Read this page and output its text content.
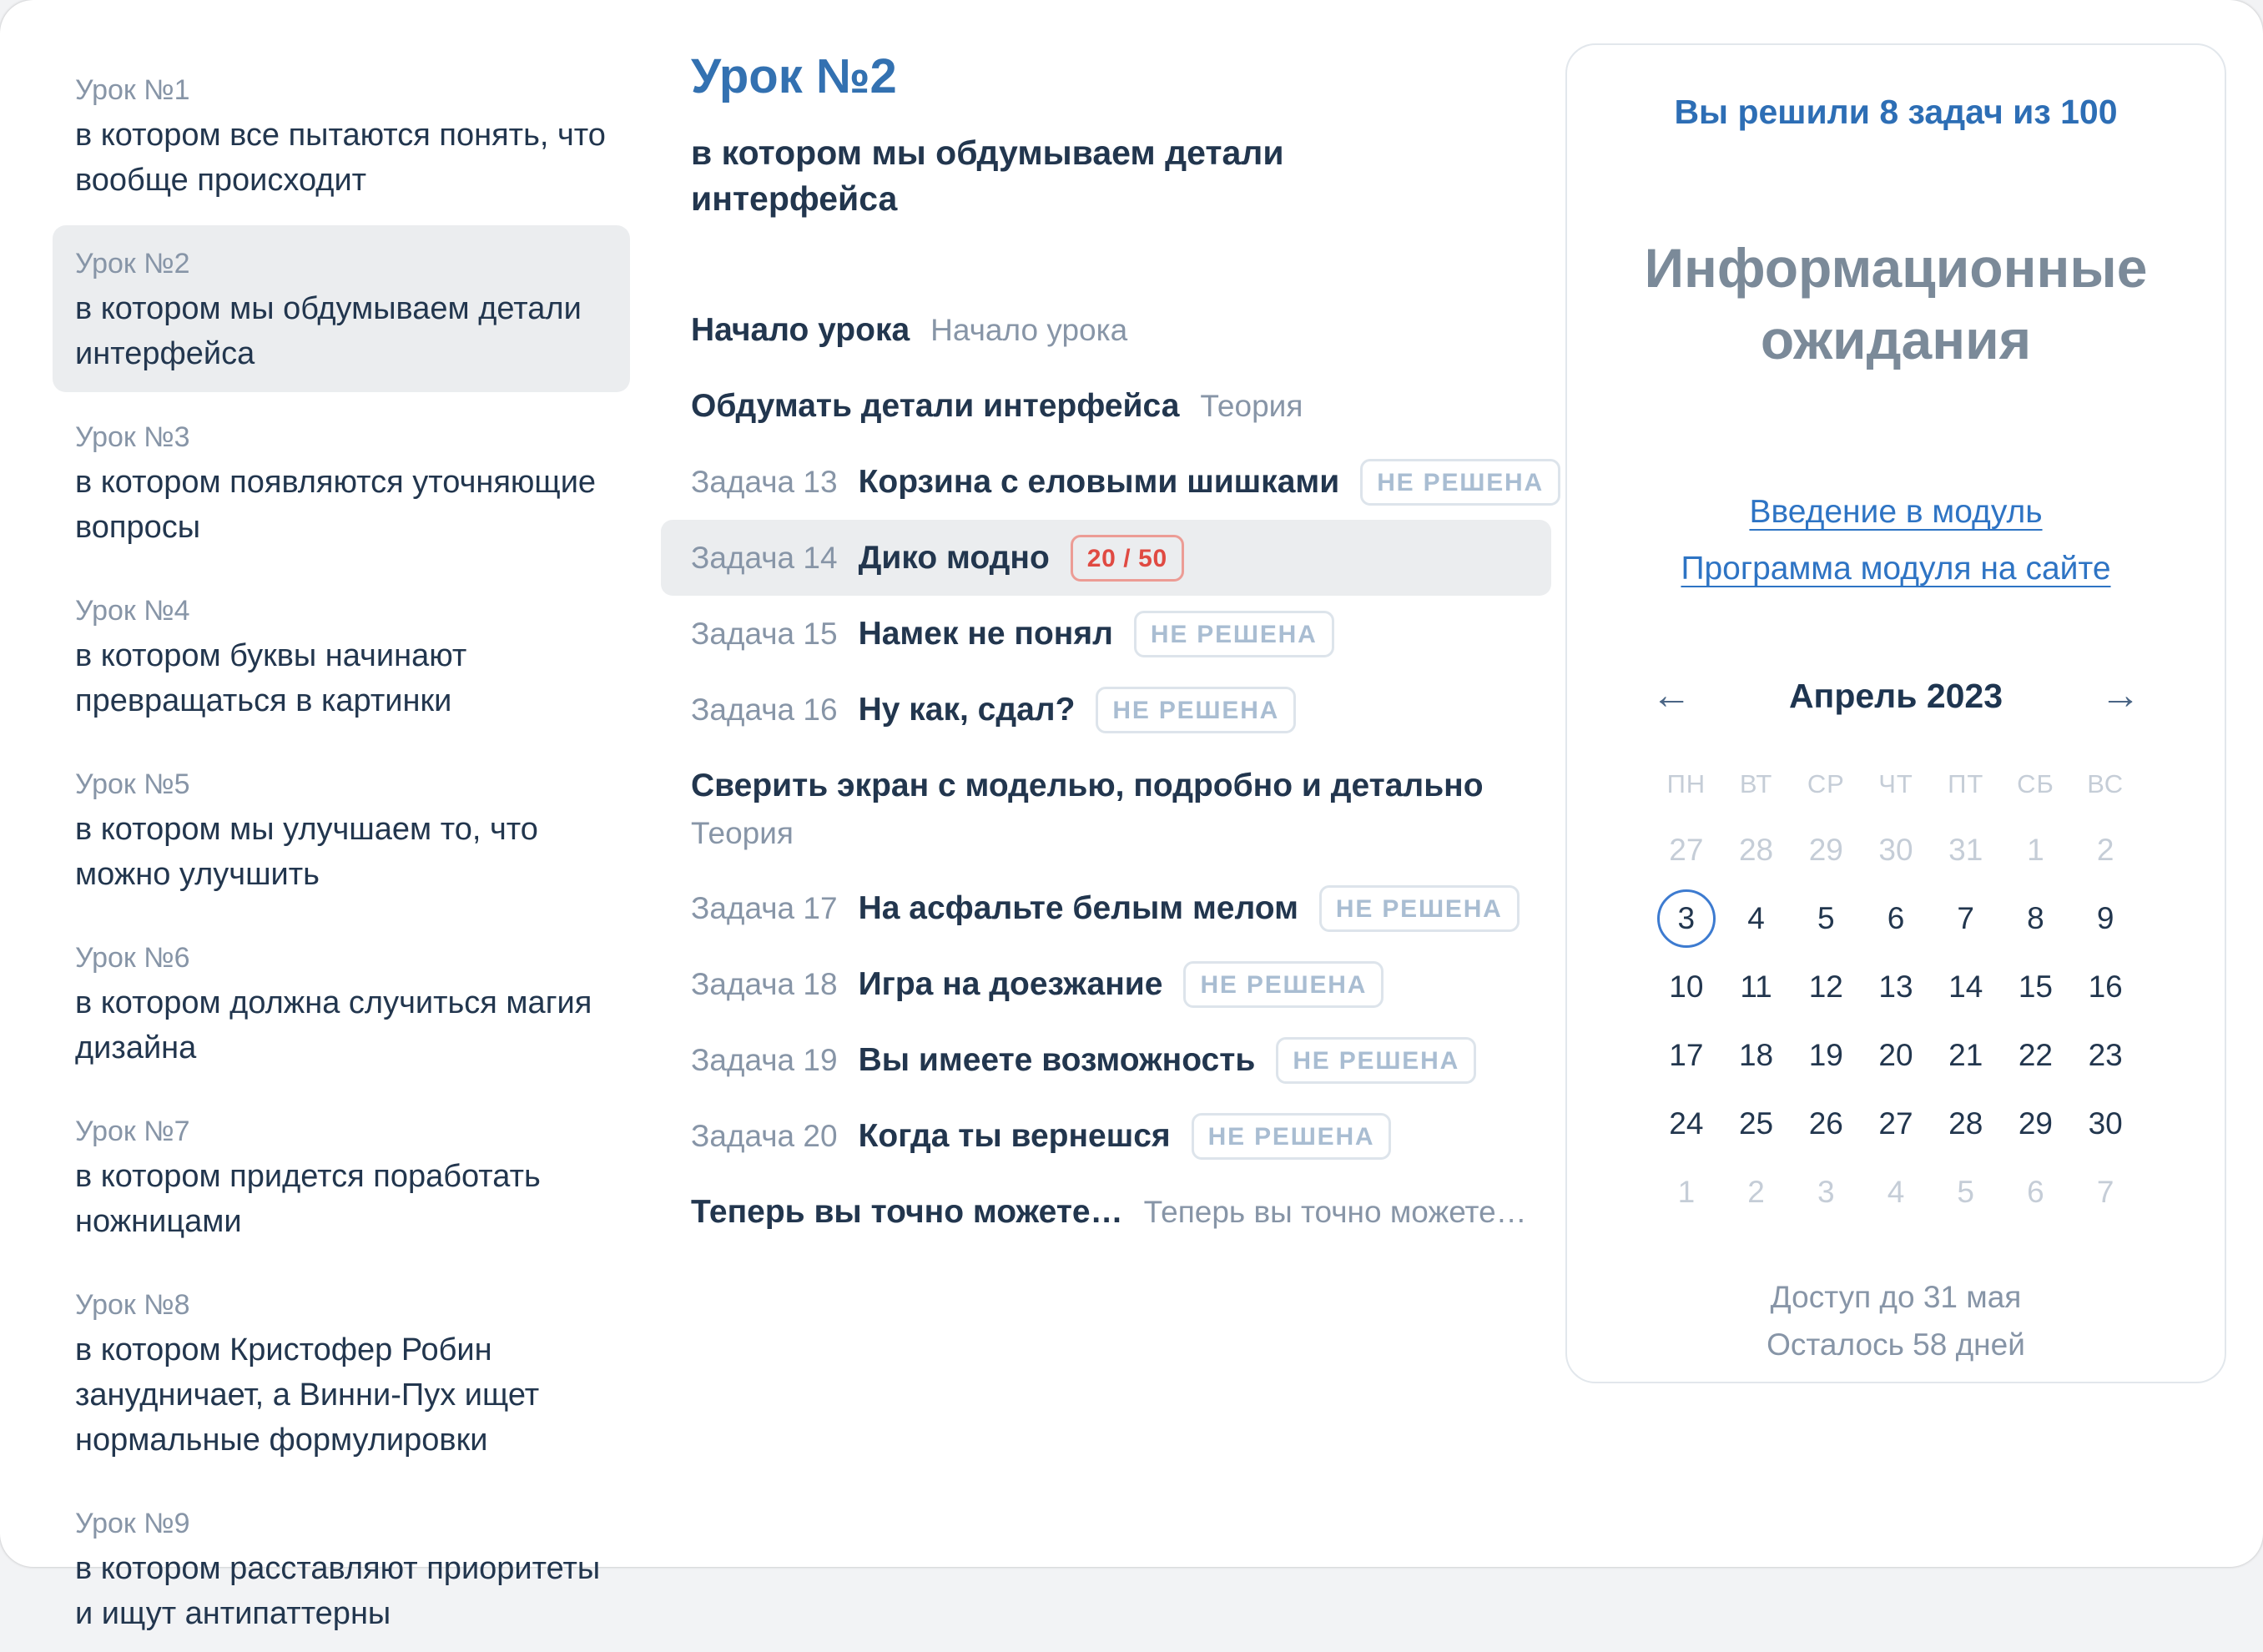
Урок №1
в котором все пытаются понять, что вообще происходит
Урок №2
в котором мы обдумываем детали интерфейса
Урок №3
в котором появляются уточняющие вопросы
Урок №4
в котором буквы начинают превращаться в картинки
Урок №5
в котором мы улучшаем то, что можно улучшить
Урок №6
в котором должна случиться магия дизайна
Урок №7
в котором придется поработать ножницами
Урок №8
в котором Кристофер Робин занудничает, а Винни-Пух ищет нормальные формулировки
Урок №9
в котором расставляют приоритеты и ищут антипаттерны
Урок №2
в котором мы обдумываем детали интерфейса
Начало урока Начало урока
Обдумать детали интерфейса Теория
Задача 13 Корзина с еловыми шишками	НЕ РЕШЕНА
Задача 14 Дико модно	20 / 50
Задача 15 Намек не понял	НЕ РЕШЕНА
Задача 16 Ну как, сдал?	НЕ РЕШЕНА
Сверить экран с моделью, подробно и детально
Теория
Задача 17 На асфальте белым мелом	НЕ РЕШЕНА
Задача 18 Игра на доезжание	НЕ РЕШЕНА
Задача 19 Вы имеете возможность	НЕ РЕШЕНА
Задача 20 Когда ты вернешся	НЕ РЕШЕНА
Теперь вы точно можете… Теперь вы точно можете…
Вы решили 8 задач из 100
Информационные ожидания
Введение в модуль
Программа модуля на сайте
←	Апрель 2023 →
ПН	ВТ	СР	ЧТ	ПТ	СБ	ВС
27 28 29 30 31 1 2
3	4 5 6 7 8 9
10 11 12 13 14 15 16
17 18 19 20 21 22 23
24 25 26 27 28 29 30
1 2 3 4 5 6 7
Доступ до 31 мая
Осталось 58 дней
